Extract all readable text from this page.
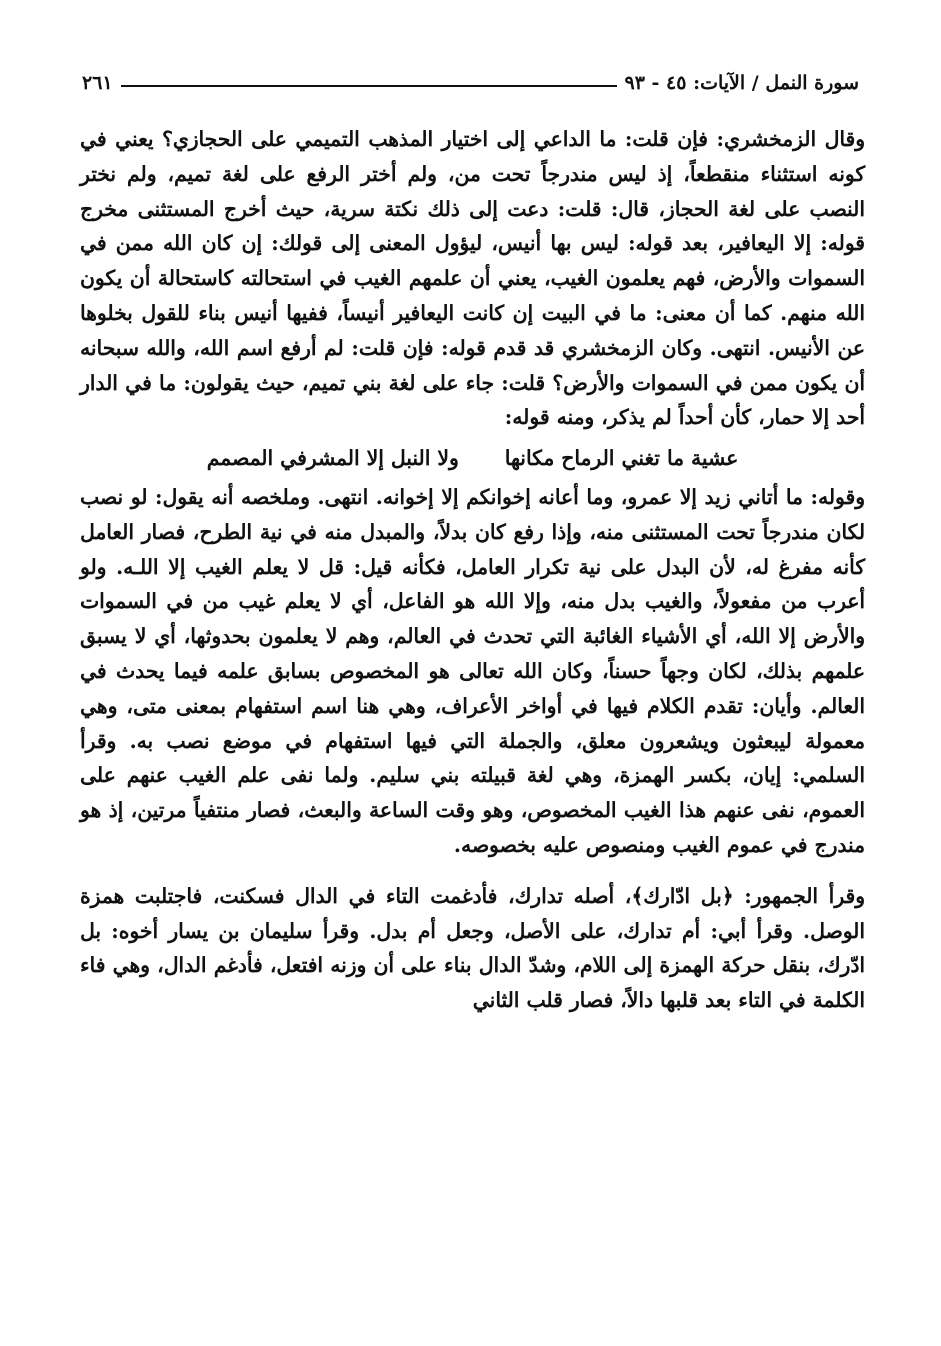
سورة النمل / الآيات: ٤٥ - ٩٣
٢٦١

وقال الزمخشري: فإن قلت: ما الداعي إلى اختيار المذهب التميمي على الحجازي؟ يعني في كونه استثناء منقطعاً، إذ ليس مندرجاً تحت من، ولم أختر الرفع على لغة تميم، ولم نختر النصب على لغة الحجاز، قال: قلت: دعت إلى ذلك نكتة سرية، حيث أخرج المستثنى مخرج قوله: إلا اليعافير، بعد قوله: ليس بها أنيس، ليؤول المعنى إلى قولك: إن كان الله ممن في السموات والأرض، فهم يعلمون الغيب، يعني أن علمهم الغيب في استحالته كاستحالة أن يكون الله منهم. كما أن معنى: ما في البيت إن كانت اليعافير أنيساً، ففيها أنيس بناء للقول بخلوها عن الأنيس. انتهى. وكان الزمخشري قد قدم قوله: فإن قلت: لم أرفع اسم الله، والله سبحانه أن يكون ممن في السموات والأرض؟ قلت: جاء على لغة بني تميم، حيث يقولون: ما في الدار أحد إلا حمار، كأن أحداً لم يذكر، ومنه قوله:

عشية ما تغني الرماح مكانها
ولا النبل إلا المشرفي المصمم

وقوله: ما أتاني زيد إلا عمرو، وما أعانه إخوانكم إلا إخوانه. انتهى. وملخصه أنه يقول: لو نصب لكان مندرجاً تحت المستثنى منه، وإذا رفع كان بدلاً، والمبدل منه في نية الطرح، فصار العامل كأنه مفرغ له، لأن البدل على نية تكرار العامل، فكأنه قيل: قل لا يعلم الغيب إلا اللـه. ولو أعرب من مفعولاً، والغيب بدل منه، وإلا الله هو الفاعل، أي لا يعلم غيب من في السموات والأرض إلا الله، أي الأشياء الغائبة التي تحدث في العالم، وهم لا يعلمون بحدوثها، أي لا يسبق علمهم بذلك، لكان وجهاً حسناً، وكان الله تعالى هو المخصوص بسابق علمه فيما يحدث في العالم. وأيان: تقدم الكلام فيها في أواخر الأعراف، وهي هنا اسم استفهام بمعنى متى، وهي معمولة ليبعثون ويشعرون معلق، والجملة التي فيها استفهام في موضع نصب به. وقرأ السلمي: إيان، بكسر الهمزة، وهي لغة قبيلته بني سليم. ولما نفى علم الغيب عنهم على العموم، نفى عنهم هذا الغيب المخصوص، وهو وقت الساعة والبعث، فصار منتفياً مرتين، إذ هو مندرج في عموم الغيب ومنصوص عليه بخصوصه.

وقرأ الجمهور: ﴿بل ادّارك﴾، أصله تدارك، فأدغمت التاء في الدال فسكنت، فاجتلبت همزة الوصل. وقرأ أبي: أم تدارك، على الأصل، وجعل أم بدل. وقرأ سليمان بن يسار أخوه: بل ادّرك، بنقل حركة الهمزة إلى اللام، وشدّ الدال بناء على أن وزنه افتعل، فأدغم الدال، وهي فاء الكلمة في التاء بعد قلبها دالاً، فصار قلب الثاني
